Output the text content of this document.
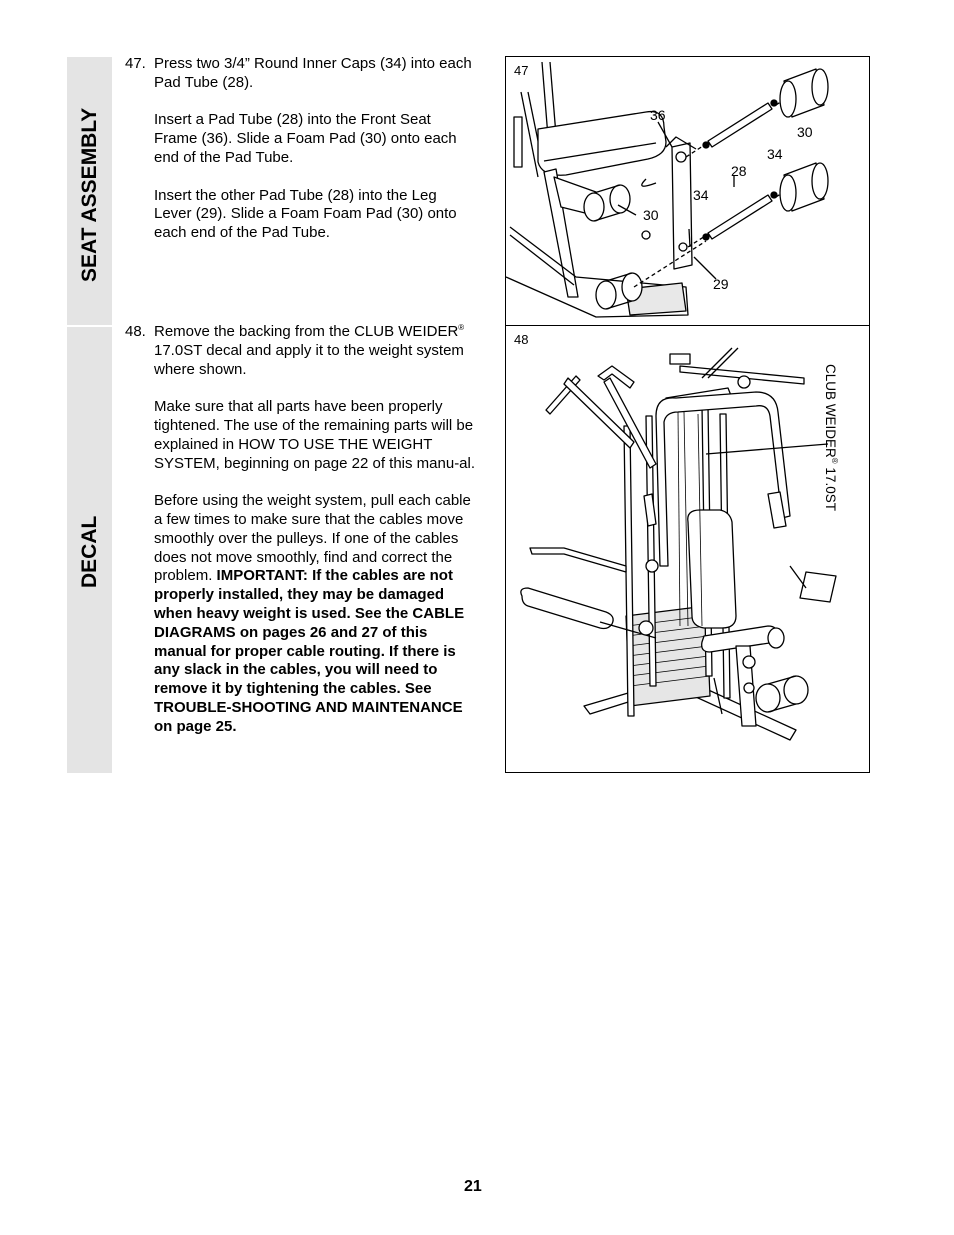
SEAT ASSEMBLY
DECAL
47. Press two 3/4” Round Inner Caps (34) into each Pad Tube (28).

Insert a Pad Tube (28) into the Front Seat Frame (36). Slide a Foam Pad (30) onto each end of the Pad Tube.

Insert the other Pad Tube (28) into the Leg Lever (29). Slide a Foam Foam Pad (30) onto each end of the Pad Tube.

48. Remove the backing from the CLUB WEIDER® 17.0ST decal and apply it to the weight system where shown.

Make sure that all parts have been properly tightened. The use of the remaining parts will be explained in HOW TO USE THE WEIGHT SYSTEM, beginning on page 22 of this manu-al.

Before using the weight system, pull each cable a few times to make sure that the cables move smoothly over the pulleys. If one of the cables does not move smoothly, find and correct the problem. IMPORTANT: If the cables are not properly installed, they may be damaged when heavy weight is used. See the CABLE DIAGRAMS on pages 26 and 27 of this manual for proper cable routing. If there is any slack in the cables, you will need to remove it by tightening the cables. See TROUBLE-SHOOTING AND MAINTENANCE on page 25.

47
36
30
34
28
34
30
29
48
CLUB WEIDER® 17.0ST
21
